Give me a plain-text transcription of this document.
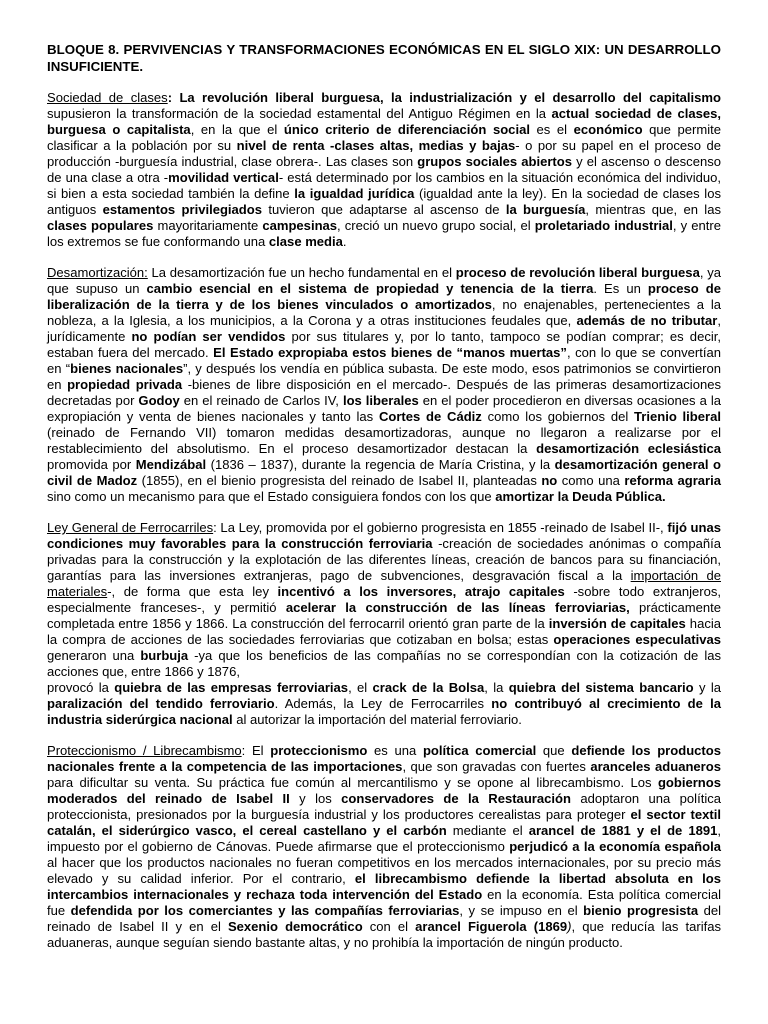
BLOQUE 8. PERVIVENCIAS Y TRANSFORMACIONES ECONÓMICAS EN EL SIGLO XIX: UN DESARROLLO INSUFICIENTE.
Sociedad de clases: La revolución liberal burguesa, la industrialización y el desarrollo del capitalismo supusieron la transformación de la sociedad estamental del Antiguo Régimen en la actual sociedad de clases, burguesa o capitalista, en la que el único criterio de diferenciación social es el económico que permite clasificar a la población por su nivel de renta -clases altas, medias y bajas- o por su papel en el proceso de producción -burguesía industrial, clase obrera-. Las clases son grupos sociales abiertos y el ascenso o descenso de una clase a otra -movilidad vertical- está determinado por los cambios en la situación económica del individuo, si bien a esta sociedad también la define la igualdad jurídica (igualdad ante la ley). En la sociedad de clases los antiguos estamentos privilegiados tuvieron que adaptarse al ascenso de la burguesía, mientras que, en las clases populares mayoritariamente campesinas, creció un nuevo grupo social, el proletariado industrial, y entre los extremos se fue conformando una clase media.
Desamortización: La desamortización fue un hecho fundamental en el proceso de revolución liberal burguesa, ya que supuso un cambio esencial en el sistema de propiedad y tenencia de la tierra. Es un proceso de liberalización de la tierra y de los bienes vinculados o amortizados, no enajenables, pertenecientes a la nobleza, a la Iglesia, a los municipios, a la Corona y a otras instituciones feudales que, además de no tributar, jurídicamente no podían ser vendidos por sus titulares y, por lo tanto, tampoco se podían comprar; es decir, estaban fuera del mercado. El Estado expropiaba estos bienes de “manos muertas”, con lo que se convertían en “bienes nacionales”, y después los vendía en pública subasta. De este modo, esos patrimonios se convirtieron en propiedad privada -bienes de libre disposición en el mercado-. Después de las primeras desamortizaciones decretadas por Godoy en el reinado de Carlos IV, los liberales en el poder procedieron en diversas ocasiones a la expropiación y venta de bienes nacionales y tanto las Cortes de Cádiz como los gobiernos del Trienio liberal (reinado de Fernando VII) tomaron medidas desamortizadoras, aunque no llegaron a realizarse por el restablecimiento del absolutismo. En el proceso desamortizador destacan la desamortización eclesiástica promovida por Mendizábal (1836 – 1837), durante la regencia de María Cristina, y la desamortización general o civil de Madoz (1855), en el bienio progresista del reinado de Isabel II, planteadas no como una reforma agraria sino como un mecanismo para que el Estado consiguiera fondos con los que amortizar la Deuda Pública.
Ley General de Ferrocarriles: La Ley, promovida por el gobierno progresista en 1855 -reinado de Isabel II-, fijó unas condiciones muy favorables para la construcción ferroviaria -creación de sociedades anónimas o compañía privadas para la construcción y la explotación de las diferentes líneas, creación de bancos para su financiación, garantías para las inversiones extranjeras, pago de subvenciones, desgravación fiscal a la importación de materiales-, de forma que esta ley incentivó a los inversores, atrajo capitales -sobre todo extranjeros, especialmente franceses-, y permitió acelerar la construcción de las líneas ferroviarias, prácticamente completada entre 1856 y 1866. La construcción del ferrocarril orientó gran parte de la inversión de capitales hacia la compra de acciones de las sociedades ferroviarias que cotizaban en bolsa; estas operaciones especulativas generaron una burbuja -ya que los beneficios de las compañías no se correspondían con la cotización de las acciones que, entre 1866 y 1876,
provocó la quiebra de las empresas ferroviarias, el crack de la Bolsa, la quiebra del sistema bancario y la paralización del tendido ferroviario. Además, la Ley de Ferrocarriles no contribuyó al crecimiento de la industria siderúrgica nacional al autorizar la importación del material ferroviario.
Proteccionismo / Librecambismo: El proteccionismo es una política comercial que defiende los productos nacionales frente a la competencia de las importaciones, que son gravadas con fuertes aranceles aduaneros para dificultar su venta. Su práctica fue común al mercantilismo y se opone al librecambismo. Los gobiernos moderados del reinado de Isabel II y los conservadores de la Restauración adoptaron una política proteccionista, presionados por la burguesía industrial y los productores cerealistas para proteger el sector textil catalán, el siderúrgico vasco, el cereal castellano y el carbón mediante el arancel de 1881 y el de 1891, impuesto por el gobierno de Cánovas. Puede afirmarse que el proteccionismo perjudicó a la economía española al hacer que los productos nacionales no fueran competitivos en los mercados internacionales, por su precio más elevado y su calidad inferior. Por el contrario, el librecambismo defiende la libertad absoluta en los intercambios internacionales y rechaza toda intervención del Estado en la economía. Esta política comercial fue defendida por los comerciantes y las compañías ferroviarias, y se impuso en el bienio progresista del reinado de Isabel II y en el Sexenio democrático con el arancel Figuerola (1869), que reducía las tarifas aduaneras, aunque seguían siendo bastante altas, y no prohibía la importación de ningún producto.
